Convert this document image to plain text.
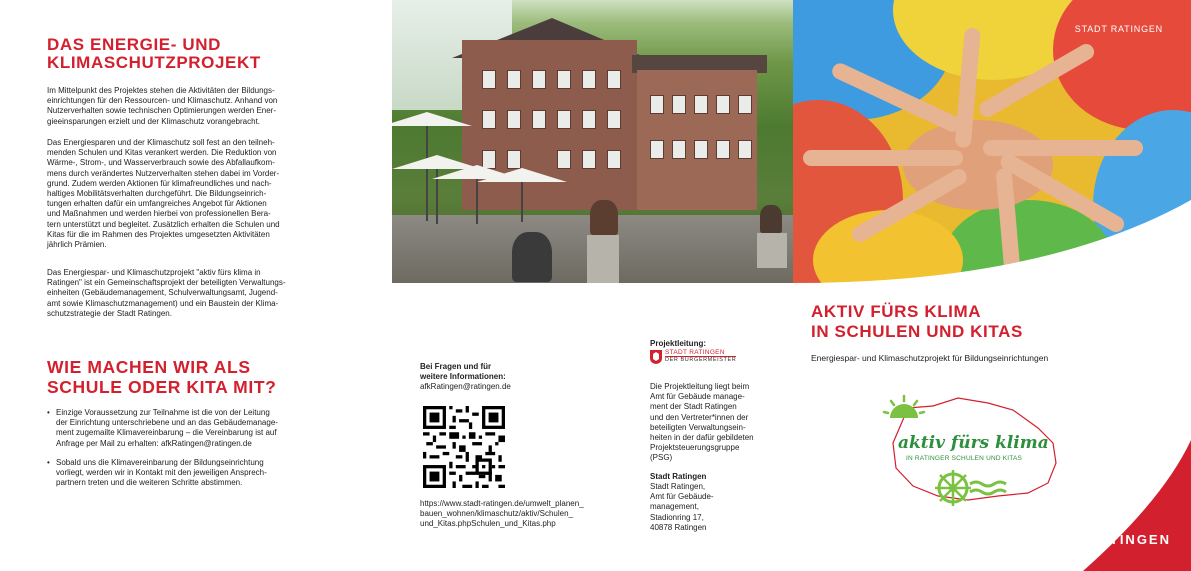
DAS ENERGIE- UND
KLIMASCHUTZPROJEKT
Im Mittelpunkt des Projektes stehen die Aktivitäten der Bildungs-
einrichtungen für den Ressourcen- und Klimaschutz. Anhand von
Nutzerverhalten sowie technischen Optimierungen werden Ener-
gieeinsparungen erzielt und der Klimaschutz vorangebracht.
Das Energiesparen und der Klimaschutz soll fest an den teilneh-
menden Schulen und Kitas verankert werden. Die Reduktion von
Wärme-, Strom-, und Wasserverbrauch sowie des Abfallaufkom-
mens durch verändertes Nutzerverhalten stehen dabei im Vorder-
grund. Zudem werden Aktionen für klimafreundliches und nach-
haltiges Mobilitätsverhalten durchgeführt. Die Bildungseinrich-
tungen erhalten dafür ein umfangreiches Angebot für Aktionen
und Maßnahmen und werden hierbei von professionellen Bera-
tern unterstützt und begleitet. Zusätzlich erhalten die Schulen und
Kitas für die im Rahmen des Projektes umgesetzten Aktivitäten
jährlich Prämien.
Das Energiespar- und Klimaschutzprojekt "aktiv fürs klima in
Ratingen" ist ein Gemeinschaftsprojekt der beteiligten Verwaltungs-
einheiten (Gebäudemanagement, Schulverwaltungsamt, Jugend-
amt sowie Klimaschutzmanagement) und ein Baustein der Klima-
schutzstrategie der Stadt Ratingen.
WIE MACHEN WIR ALS
SCHULE ODER KITA MIT?
• Einzige Voraussetzung zur Teilnahme ist die von der Leitung
der Einrichtung unterschriebene und an das Gebäudemanage-
ment zugemailte Klimavereinbarung – die Vereinbarung ist auf
Anfrage per Mail zu erhalten: afkRatingen@ratingen.de
• Sobald uns die Klimavereinbarung der Bildungseinrichtung
vorliegt, werden wir in Kontakt mit den jeweiligen Ansprech-
partnern treten und die weiteren Schritte abstimmen.
Bei Fragen und für
weitere Informationen:
afkRatingen@ratingen.de
https://www.stadt-ratingen.de/umwelt_planen_
bauen_wohnen/klimaschutz/aktiv/Schulen_
und_Kitas.phpSchulen_und_Kitas.php
Projektleitung:
STADT RATINGEN
DER BÜRGERMEISTER
Die Projektleitung liegt beim
Amt für Gebäude manage-
ment der Stadt Ratingen
und den Vertreter*innen der
beteiligten Verwaltungsein-
heiten in der dafür gebildeten
Projektsteuerungsgruppe
(PSG)
Stadt Ratingen
Stadt Ratingen,
Amt für Gebäude-
management,
Stadionring 17,
40878 Ratingen
STADT RATINGEN
AKTIV FÜRS KLIMA
IN SCHULEN UND KITAS
Energiespar- und Klimaschutzprojekt für Bildungseinrichtungen
aktiv fürs klima
IN RATINGER SCHULEN UND KITAS
RATINGEN
